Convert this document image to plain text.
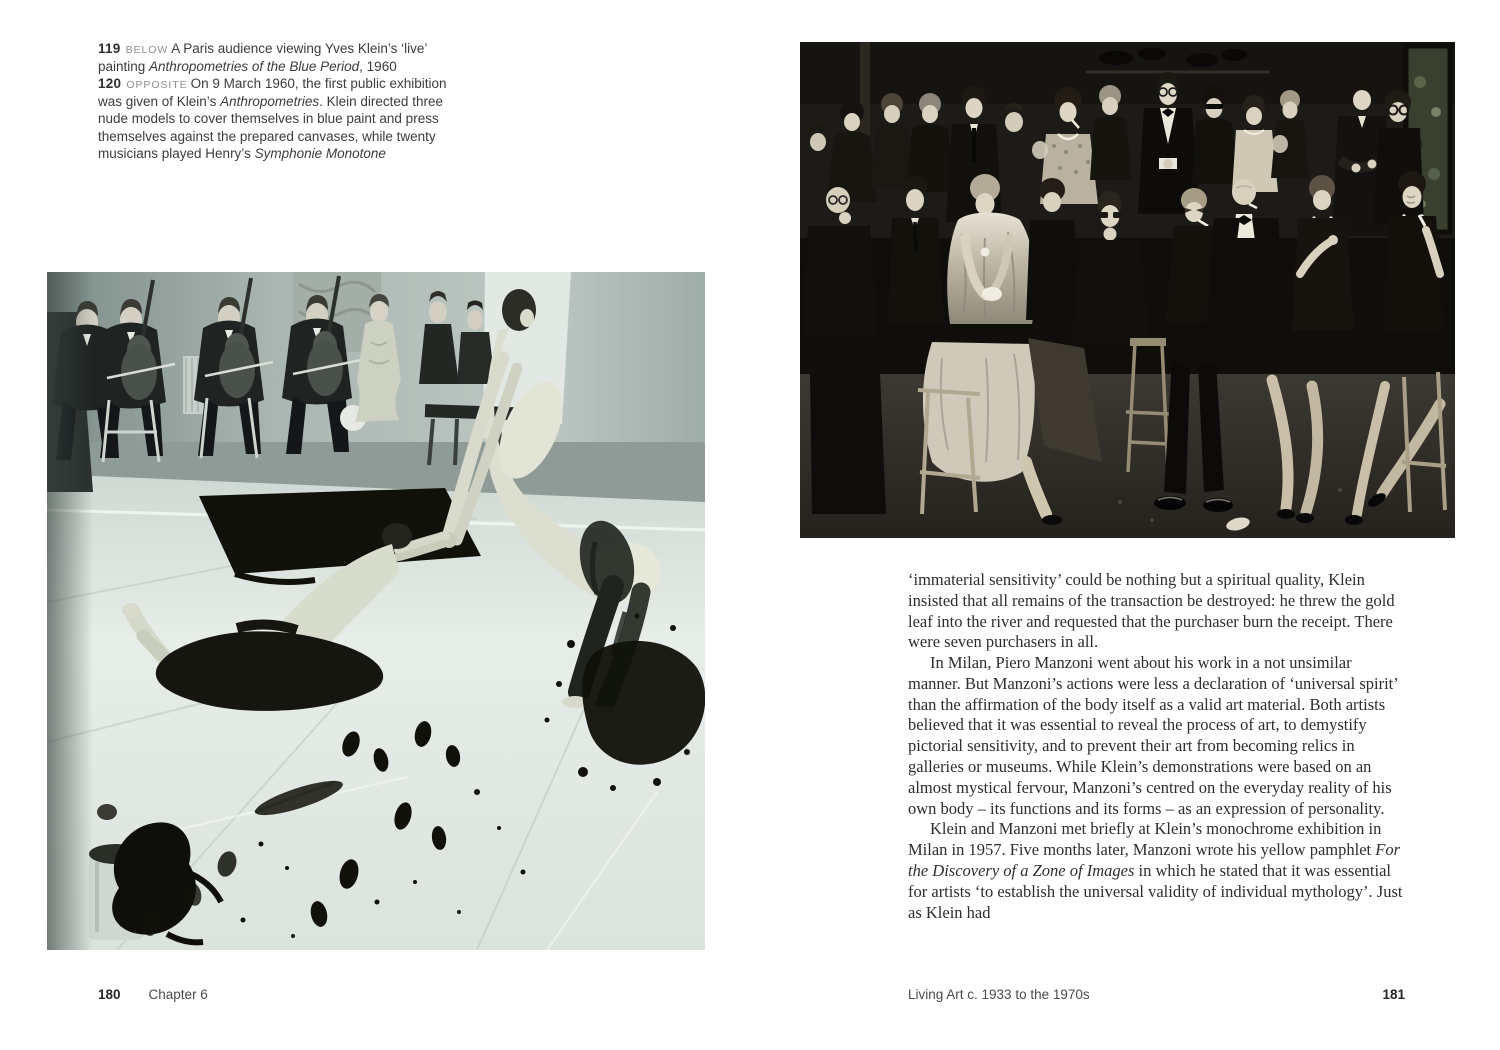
119 BELOW A Paris audience viewing Yves Klein’s ‘live’ painting Anthropometries of the Blue Period, 1960
120 OPPOSITE On 9 March 1960, the first public exhibition was given of Klein’s Anthropometries. Klein directed three nude models to cover themselves in blue paint and press themselves against the prepared canvases, while twenty musicians played Henry’s Symphonie Monotone
180 Chapter 6

‘immaterial sensitivity’ could be nothing but a spiritual quality, Klein insisted that all remains of the transaction be destroyed: he threw the gold leaf into the river and requested that the purchaser burn the receipt. There were seven purchasers in all.

In Milan, Piero Manzoni went about his work in a not unsimilar manner. But Manzoni’s actions were less a declaration of ‘universal spirit’ than the affirmation of the body itself as a valid art material. Both artists believed that it was essential to reveal the process of art, to demystify pictorial sensitivity, and to prevent their art from becoming relics in galleries or museums. While Klein’s demonstrations were based on an almost mystical fervour, Manzoni’s centred on the everyday reality of his own body – its functions and its forms – as an expression of personality.

Klein and Manzoni met briefly at Klein’s monochrome exhibition in Milan in 1957. Five months later, Manzoni wrote his yellow pamphlet For the Discovery of a Zone of Images in which he stated that it was essential for artists ‘to establish the universal validity of individual mythology’. Just as Klein had

Living Art c. 1933 to the 1970s	181
